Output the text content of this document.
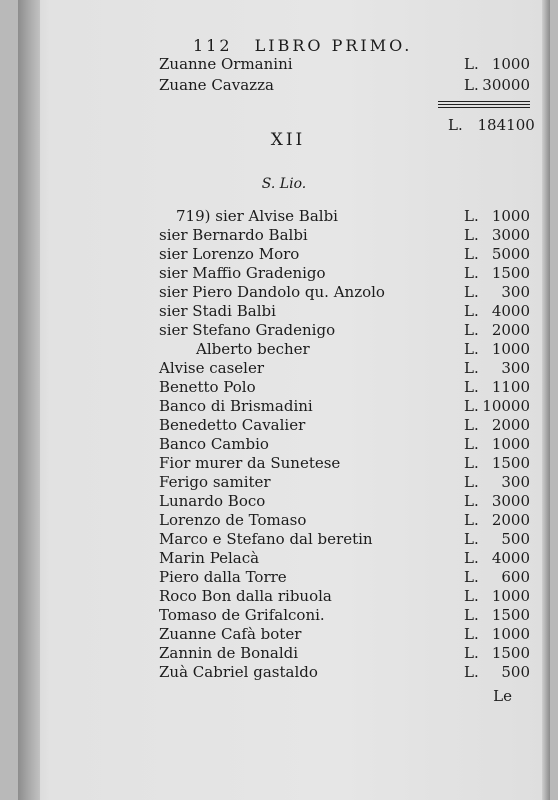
112 LIBRO PRIMO.
Zuanne Ormanini	L. 1000
Zuane Cavazza	L. 30000
L. 184100
XII
S. Lio.
719) sier Alvise Balbi	L. 1000
sier Bernardo Balbi	L. 3000
sier Lorenzo Moro	L. 5000
sier Maffio Gradenigo	L. 1500
sier Piero Dandolo qu. Anzolo	L. 300
sier Stadi Balbi	L. 4000
sier Stefano Gradenigo	L. 2000
Alberto becher	L. 1000
Alvise caseler	L. 300
Benetto Polo	L. 1100
Banco di Brismadini	L. 10000
Benedetto Cavalier	L. 2000
Banco Cambio	L. 1000
Fior murer da Sunetese	L. 1500
Ferigo samiter	L. 300
Lunardo Boco	L. 3000
Lorenzo de Tomaso	L. 2000
Marco e Stefano dal beretin	L. 500
Marin Pelacà	L. 4000
Piero dalla Torre	L. 600
Roco Bon dalla ribuola	L. 1000
Tomaso de Grifalconi.	L. 1500
Zuanne Cafà boter	L. 1000
Zannin de Bonaldi	L. 1500
Zuà Cabriel gastaldo	L. 500
Le
